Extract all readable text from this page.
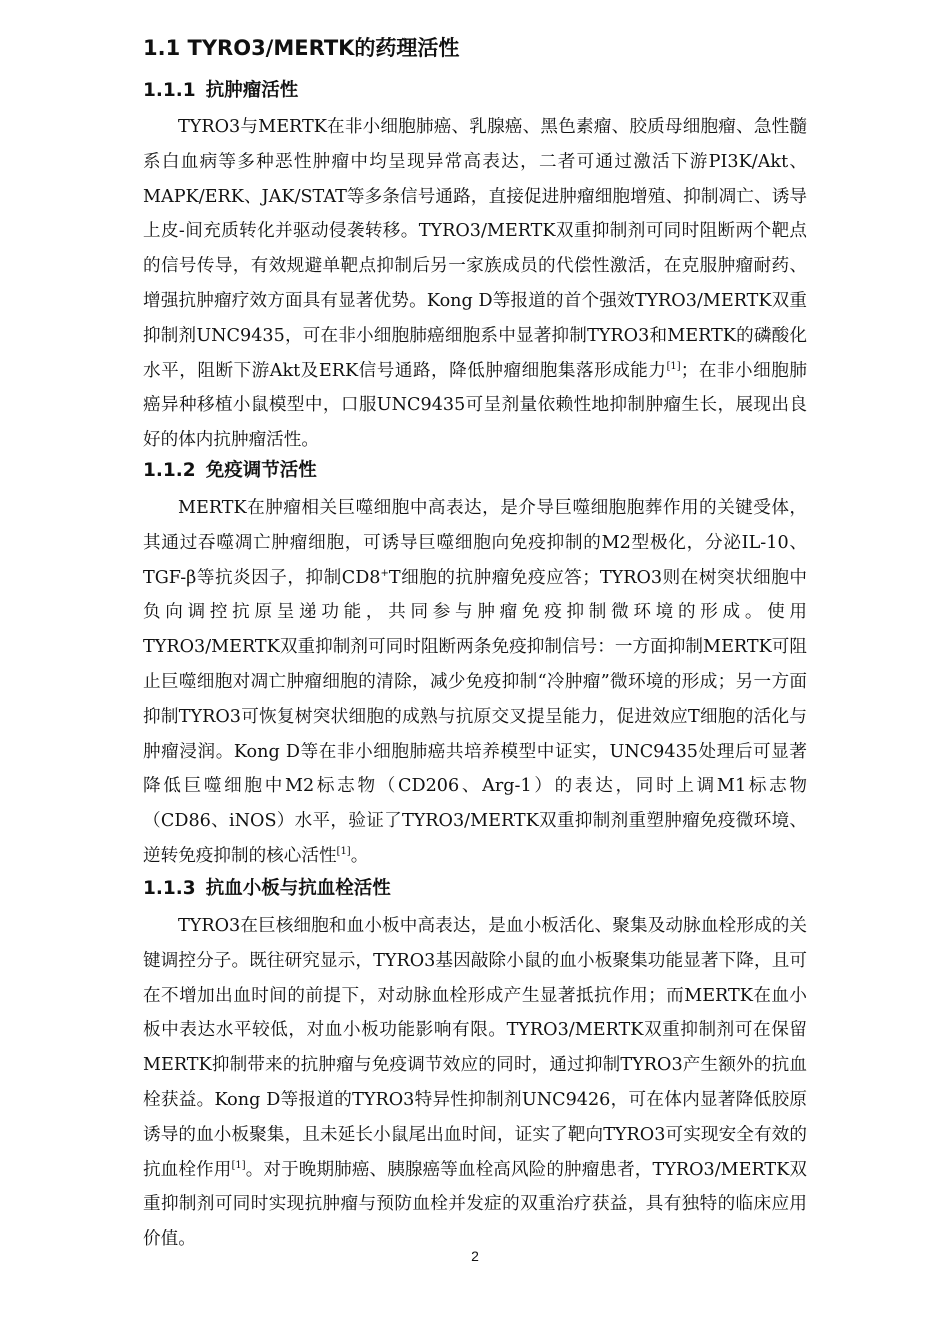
1.1 TYRO3/MERTK的药理活性
1.1.1 抗肿瘤活性

TYRO3与MERTK在非小细胞肺癌、乳腺癌、黑色素瘤、胶质母细胞瘤、急性髓系白血病等多种恶性肿瘤中均呈现异常高表达，二者可通过激活下游PI3K/Akt、MAPK/ERK、JAK/STAT等多条信号通路，直接促进肿瘤细胞增殖、抑制凋亡、诱导上皮-间充质转化并驱动侵袭转移。TYRO3/MERTK双重抑制剂可同时阻断两个靶点的信号传导，有效规避单靶点抑制后另一家族成员的代偿性激活，在克服肿瘤耐药、增强抗肿瘤疗效方面具有显著优势。Kong D等报道的首个强效TYRO3/MERTK双重抑制剂UNC9435，可在非小细胞肺癌细胞系中显著抑制TYRO3和MERTK的磷酸化水平，阻断下游Akt及ERK信号通路，降低肿瘤细胞集落形成能力[1]；在非小细胞肺癌异种移植小鼠模型中，口服UNC9435可呈剂量依赖性地抑制肿瘤生长，展现出良好的体内抗肿瘤活性。

1.1.2 免疫调节活性

MERTK在肿瘤相关巨噬细胞中高表达，是介导巨噬细胞胞葬作用的关键受体，其通过吞噬凋亡肿瘤细胞，可诱导巨噬细胞向免疫抑制的M2型极化，分泌IL-10、TGF-β等抗炎因子，抑制CD8+T细胞的抗肿瘤免疫应答；TYRO3则在树突状细胞中负向调控抗原呈递功能，共同参与肿瘤免疫抑制微环境的形成。使用TYRO3/MERTK双重抑制剂可同时阻断两条免疫抑制信号：一方面抑制MERTK可阻止巨噬细胞对凋亡肿瘤细胞的清除，减少免疫抑制“冷肿瘤”微环境的形成；另一方面抑制TYRO3可恢复树突状细胞的成熟与抗原交叉提呈能力，促进效应T细胞的活化与肿瘤浸润。Kong D等在非小细胞肺癌共培养模型中证实，UNC9435处理后可显著降低巨噬细胞中M2标志物（CD206、Arg-1）的表达，同时上调M1标志物（CD86、iNOS）水平，验证了TYRO3/MERTK双重抑制剂重塑肿瘤免疫微环境、逆转免疫抑制的核心活性[1]。

1.1.3 抗血小板与抗血栓活性

TYRO3在巨核细胞和血小板中高表达，是血小板活化、聚集及动脉血栓形成的关键调控分子。既往研究显示，TYRO3基因敲除小鼠的血小板聚集功能显著下降，且可在不增加出血时间的前提下，对动脉血栓形成产生显著抵抗作用；而MERTK在血小板中表达水平较低，对血小板功能影响有限。TYRO3/MERTK双重抑制剂可在保留MERTK抑制带来的抗肿瘤与免疫调节效应的同时，通过抑制TYRO3产生额外的抗血栓获益。Kong D等报道的TYRO3特异性抑制剂UNC9426，可在体内显著降低胶原诱导的血小板聚集，且未延长小鼠尾出血时间，证实了靶向TYRO3可实现安全有效的抗血栓作用[1]。对于晚期肺癌、胰腺癌等血栓高风险的肿瘤患者，TYRO3/MERTK双重抑制剂可同时实现抗肿瘤与预防血栓并发症的双重治疗获益，具有独特的临床应用价值。

2
